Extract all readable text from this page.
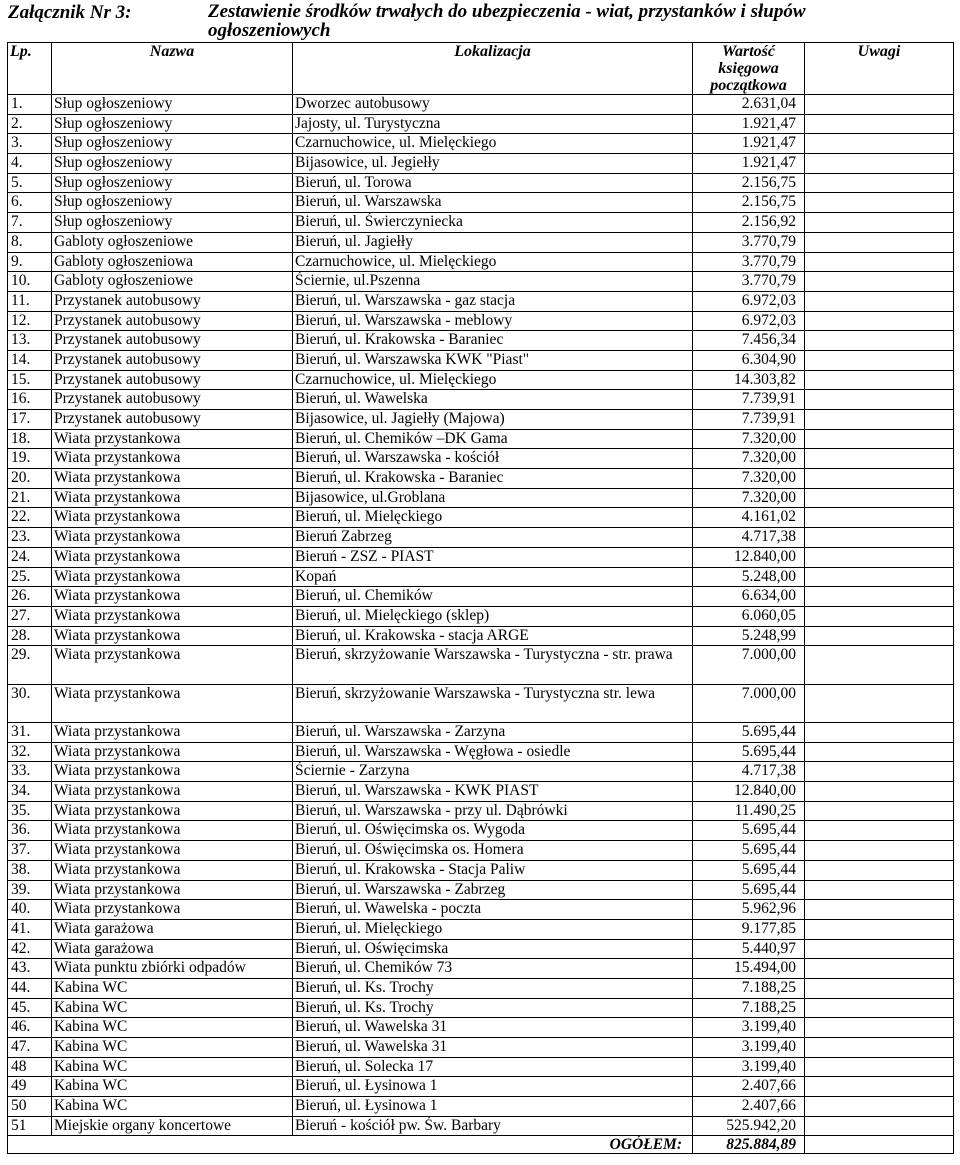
Załącznik Nr 3:	Zestawienie środków trwałych do ubezpieczenia - wiat, przystanków i słupów ogłoszeniowych
Lp.	Nazwa	Lokalizacja	Wartość księgowa początkowa	Uwagi
1.	Słup ogłoszeniowy	Dworzec autobusowy	2.631,04	
2.	Słup ogłoszeniowy	Jajosty, ul. Turystyczna	1.921,47	
3.	Słup ogłoszeniowy	Czarnuchowice, ul. Mielęckiego	1.921,47	
4.	Słup ogłoszeniowy	Bijasowice, ul. Jegiełły	1.921,47	
5.	Słup ogłoszeniowy	Bieruń, ul. Torowa	2.156,75	
6.	Słup ogłoszeniowy	Bieruń, ul. Warszawska	2.156,75	
7.	Słup ogłoszeniowy	Bieruń, ul. Świerczyniecka	2.156,92	
8.	Gabloty ogłoszeniowe	Bieruń, ul. Jagiełły	3.770,79	
9.	Gabloty ogłoszeniowa	Czarnuchowice, ul. Mielęckiego	3.770,79	
10.	Gabloty ogłoszeniowe	Ściernie, ul.Pszenna	3.770,79	
11.	Przystanek autobusowy	Bieruń, ul. Warszawska - gaz stacja	6.972,03	
12.	Przystanek autobusowy	Bieruń, ul. Warszawska - meblowy	6.972,03	
13.	Przystanek autobusowy	Bieruń, ul. Krakowska - Baraniec	7.456,34	
14.	Przystanek autobusowy	Bieruń, ul. Warszawska KWK "Piast"	6.304,90	
15.	Przystanek autobusowy	Czarnuchowice, ul. Mielęckiego	14.303,82	
16.	Przystanek autobusowy	Bieruń, ul. Wawelska	7.739,91	
17.	Przystanek autobusowy	Bijasowice, ul. Jagiełły (Majowa)	7.739,91	
18.	Wiata przystankowa	Bieruń, ul. Chemików –DK Gama	7.320,00	
19.	Wiata przystankowa	Bieruń, ul. Warszawska - kościół	7.320,00	
20.	Wiata przystankowa	Bieruń, ul. Krakowska - Baraniec	7.320,00	
21.	Wiata przystankowa	Bijasowice, ul.Groblana	7.320,00	
22.	Wiata przystankowa	Bieruń, ul. Mielęckiego	4.161,02	
23.	Wiata przystankowa	Bieruń Zabrzeg	4.717,38	
24.	Wiata przystankowa	Bieruń - ZSZ - PIAST	12.840,00	
25.	Wiata przystankowa	Kopań	5.248,00	
26.	Wiata przystankowa	Bieruń, ul. Chemików	6.634,00	
27.	Wiata przystankowa	Bieruń, ul. Mielęckiego (sklep)	6.060,05	
28.	Wiata przystankowa	Bieruń, ul. Krakowska - stacja ARGE	5.248,99	
29.	Wiata przystankowa	Bieruń, skrzyżowanie Warszawska - Turystyczna - str. prawa	7.000,00	
30.	Wiata przystankowa	Bieruń, skrzyżowanie Warszawska - Turystyczna str. lewa	7.000,00	
31.	Wiata przystankowa	Bieruń, ul. Warszawska - Zarzyna	5.695,44	
32.	Wiata przystankowa	Bieruń, ul. Warszawska - Węgłowa - osiedle	5.695,44	
33.	Wiata przystankowa	Ściernie - Zarzyna	4.717,38	
34.	Wiata przystankowa	Bieruń, ul. Warszawska - KWK PIAST	12.840,00	
35.	Wiata przystankowa	Bieruń, ul. Warszawska - przy ul. Dąbrówki	11.490,25	
36.	Wiata przystankowa	Bieruń, ul. Oświęcimska os. Wygoda	5.695,44	
37.	Wiata przystankowa	Bieruń, ul. Oświęcimska os. Homera	5.695,44	
38.	Wiata przystankowa	Bieruń, ul. Krakowska - Stacja Paliw	5.695,44	
39.	Wiata przystankowa	Bieruń, ul. Warszawska - Zabrzeg	5.695,44	
40.	Wiata przystankowa	Bieruń, ul. Wawelska - poczta	5.962,96	
41.	Wiata garażowa	Bieruń, ul. Mielęckiego	9.177,85	
42.	Wiata garażowa	Bieruń, ul. Oświęcimska	5.440,97	
43.	Wiata punktu zbiórki odpadów	Bieruń, ul. Chemików 73	15.494,00	
44.	Kabina WC	Bieruń, ul. Ks. Trochy	7.188,25	
45.	Kabina WC	Bieruń, ul. Ks. Trochy	7.188,25	
46.	Kabina WC	Bieruń, ul. Wawelska 31	3.199,40	
47.	Kabina WC	Bieruń, ul. Wawelska 31	3.199,40	
48	Kabina WC	Bieruń, ul. Solecka 17	3.199,40	
49	Kabina WC	Bieruń, ul. Łysinowa 1	2.407,66	
50	Kabina WC	Bieruń, ul. Łysinowa 1	2.407,66	
51	Miejskie organy koncertowe	Bieruń - kościół pw. Św. Barbary	525.942,20	
OGÓŁEM:			825.884,89	
